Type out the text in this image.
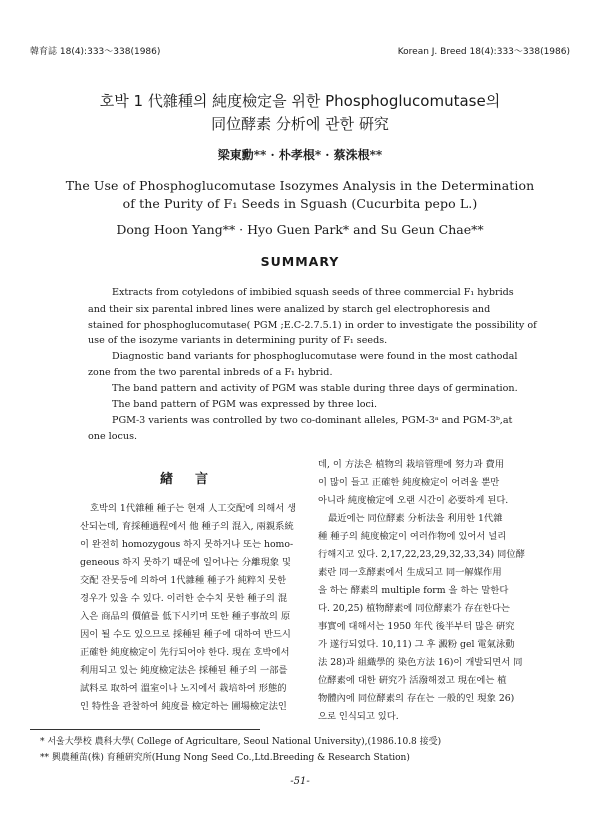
韓育誌 18(4):333～338(1986)	Korean J. Breed 18(4):333～338(1986)
호박 1 代雜種의 純度檢定을 위한 Phosphoglucomutase의
同位酵素 分析에 관한 硏究
梁東勳** · 朴孝根* · 蔡洙根**
The Use of Phosphoglucomutase Isozymes Analysis in the Determination
of the Purity of F₁ Seeds in Sguash (Cucurbita pepo L.)
Dong Hoon Yang** · Hyo Guen Park* and Su Geun Chae**
SUMMARY
Extracts from cotyledons of imbibied squash seeds of three commercial F₁ hybrids
and their six parental inbred lines were analized by starch gel electrophoresis and
stained for phosphoglucomutase( PGM ;E.C-2.7.5.1) in order to investigate the possibility of
use of the isozyme variants in determining purity of F₁ seeds.
Diagnostic band variants for phosphoglucomutase were found in the most cathodal
zone from the two parental inbreds of a F₁ hybrid.
The band pattern and activity of PGM was stable during three days of germination.
The band pattern of PGM was expressed by three loci.
PGM-3 varients was controlled by two co-dominant alleles, PGM-3ᵃ and PGM-3ᵇ,at
one locus.
緖言
호박의 1代雜種 種子는 현재 人工交配에 의해서 생
산되는데, 育採種過程에서 他 種子의 混入, 兩親系統
이 완전히 homozygous 하지 못하거나 또는 homo-
geneous 하지 못하기 때문에 일어나는 分離現象 및
交配 잔못등에 의하여 1代雜種 種子가 純粹치 못한
경우가 있을 수 있다. 이러한 순수치 못한 種子의 混
入은 商品의 價値를 低下시키며 또한 種子事故의 原
因이 될 수도 있으므로 採種된 種子에 대하여 반드시
正確한 純度檢定이 先行되어야 한다. 現在 호박에서
利用되고 있는 純度檢定法은 採種된 種子의 一部를
試料로 取하여 溫室이나 노지에서 栽培하여 形態的
인 特性을 관찰하여 純度를 檢定하는 圃場檢定法인
데, 이 方法은 植物의 栽培管理에 努力과 費用
이 많이 들고 正確한 純度檢定이 어려울 뿐만
아니라 純度檢定에 오랜 시간이 必要하게 된다.
最近에는 同位酵素 分析法을 利用한 1代雜
種 種子의 純度檢定이 여러作物에 있어서 널리
行해지고 있다. 2,17,22,23,29,32,33,34) 同位酵
素란 同一호酵素에서 生成되고 同一解媒作用
을 하는 酵素의 multiple form 을 하는 말한다
다. 20,25) 植物酵素에 同位酵素가 存在한다는
事實에 대해서는 1950 年代 後半부터 많은 硏究
가 遂行되었다. 10,11) 그 후 澱粉 gel 電氣泳動
法 28)과 組織學的 染色方法 16)이 개발되면서 同
位酵素에 대한 硏究가 活潑해졌고 現在에는 植
物體內에 同位酵素의 存在는 一般的인 現象 26)
으로 인식되고 있다.
* 서울大學校 農科大學( College of Agricultare, Seoul National University),(1986.10.8 接受)
** 興農種苗(株) 育種硏究所(Hung Nong Seed Co.,Ltd.Breeding & Research Station)
-51-
